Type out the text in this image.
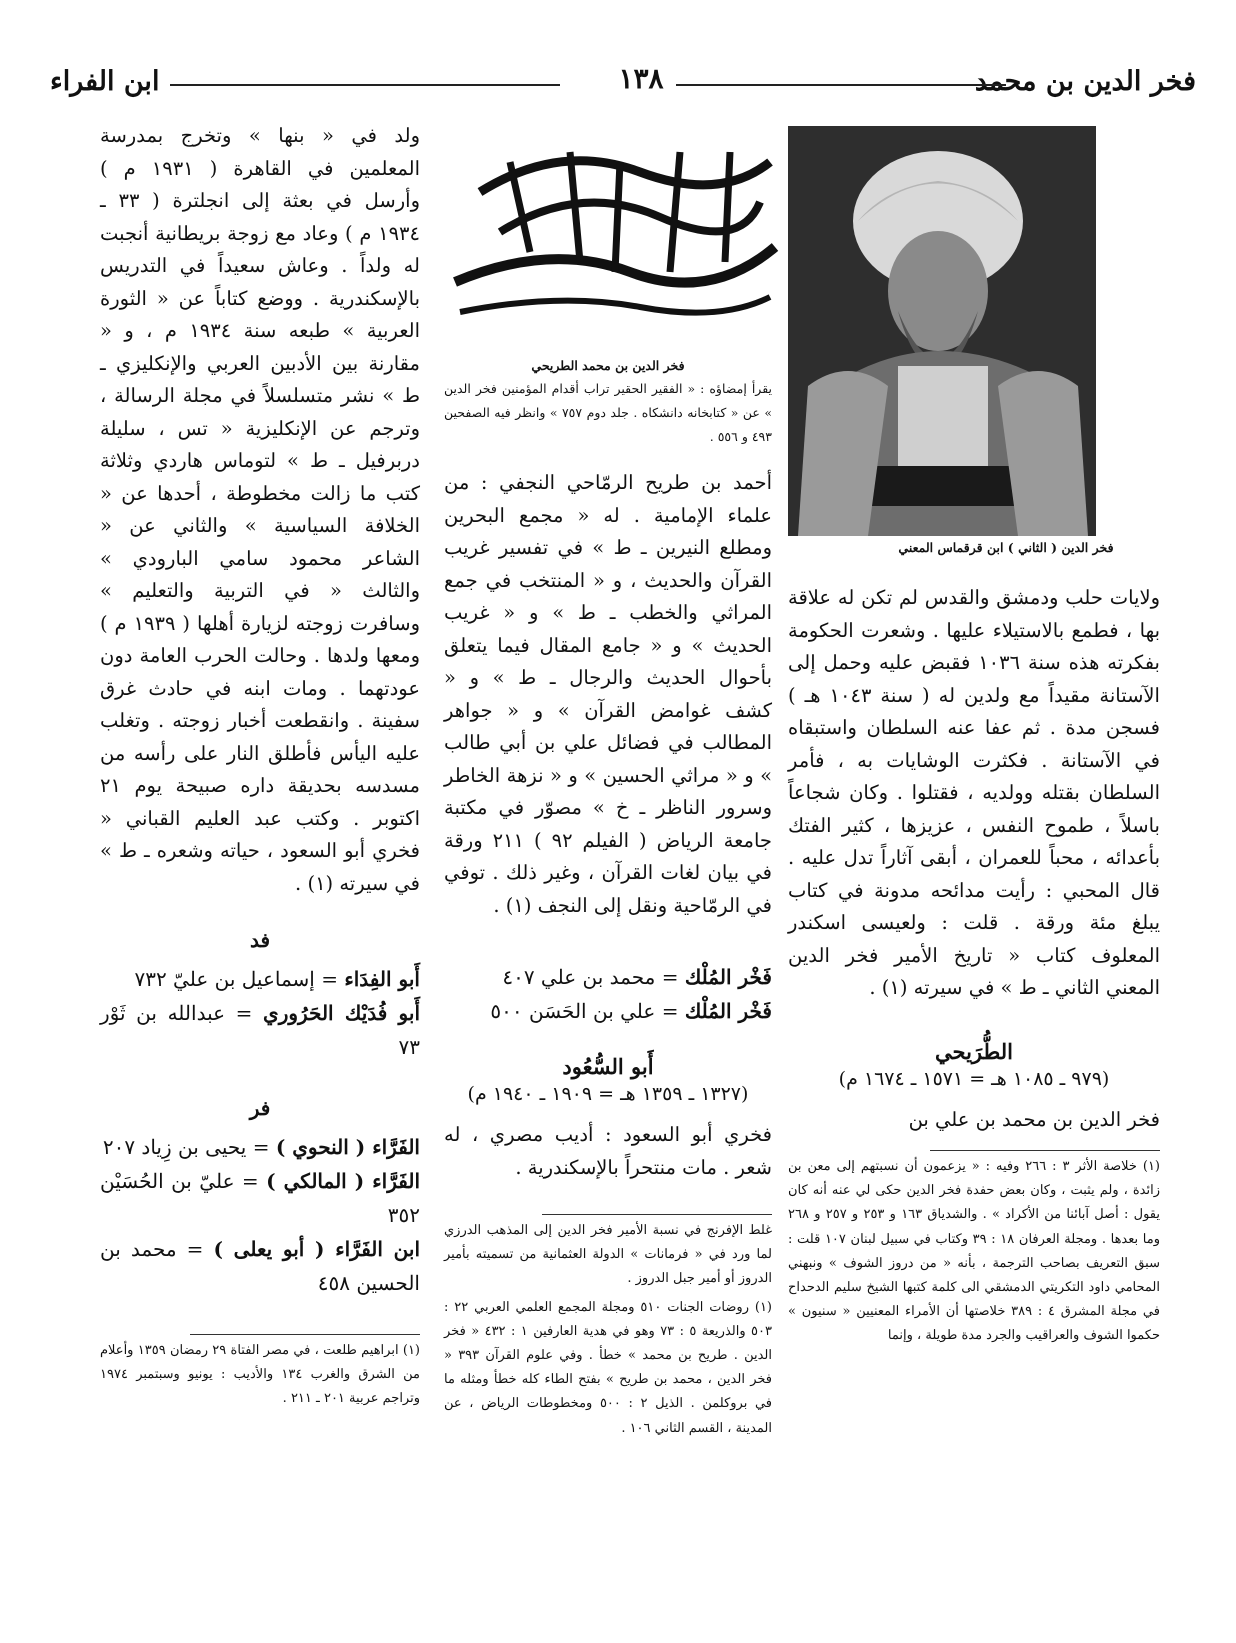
فخر الدين بن محمد
١٣٨
ابن الفراء

فخر الدين ( الثاني ) ابن قرقماس المعني

فخر الدين بن محمد الطريحي

يقرأ إمضاؤه : « الفقير الحقير تراب أقدام المؤمنين فخر الدين » عن « كتابخانه دانشكاه . جلد دوم ٧٥٧ » وانظر فيه الصفحين ٤٩٣ و ٥٥٦ .

أحمد بن طريح الرمّاحي النجفي : من علماء الإمامية . له « مجمع البحرين ومطلع النيرين ـ ط » في تفسير غريب القرآن والحديث ، و « المنتخب في جمع المراثي والخطب ـ ط » و « غريب الحديث » و « جامع المقال فيما يتعلق بأحوال الحديث والرجال ـ ط » و « كشف غوامض القرآن » و « جواهر المطالب في فضائل علي بن أبي طالب » و « مراثي الحسين » و « نزهة الخاطر وسرور الناظر ـ خ » مصوّر في مكتبة جامعة الرياض ( الفيلم ٩٢ ) ٢١١ ورقة في بيان لغات القرآن ، وغير ذلك . توفي في الرمّاحية ونقل إلى النجف (١) .

فَخْر المُلْك = محمد بن علي ٤٠٧

فَخْر المُلْك = علي بن الحَسَن ٥٠٠

أَبو السُّعُود

(١٣٢٧ ـ ١٣٥٩ هـ = ١٩٠٩ ـ ١٩٤٠ م)

فخري أبو السعود : أديب مصري ، له شعر . مات منتحراً بالإسكندرية .

غلط الإفرنج في نسبة الأمير فخر الدين إلى المذهب الدرزي لما ورد في « فرمانات » الدولة العثمانية من تسميته بأمير الدروز أو أمير جبل الدروز .

(١) روضات الجنات ٥١٠ ومجلة المجمع العلمي العربي ٢٢ : ٥٠٣ والذريعة ٥ : ٧٣ وهو في هدية العارفين ١ : ٤٣٢ « فخر الدين . طريح بن محمد » خطأ . وفي علوم القرآن ٣٩٣ « فخر الدين ، محمد بن طريح » بفتح الطاء كله خطأ ومثله ما في بروكلمن . الذيل ٢ : ٥٠٠ ومخطوطات الرياض ، عن المدينة ، القسم الثاني ١٠٦ .

ولايات حلب ودمشق والقدس لم تكن له علاقة بها ، فطمع بالاستيلاء عليها . وشعرت الحكومة بفكرته هذه سنة ١٠٣٦ فقبض عليه وحمل إلى الآستانة مقيداً مع ولدين له ( سنة ١٠٤٣ هـ ) فسجن مدة . ثم عفا عنه السلطان واستبقاه في الآستانة . فكثرت الوشايات به ، فأمر السلطان بقتله وولديه ، فقتلوا . وكان شجاعاً باسلاً ، طموح النفس ، عزيزها ، كثير الفتك بأعدائه ، محباً للعمران ، أبقى آثاراً تدل عليه . قال المحبي : رأيت مدائحه مدونة في كتاب يبلغ مئة ورقة . قلت : ولعيسى اسكندر المعلوف كتاب « تاريخ الأمير فخر الدين المعني الثاني ـ ط » في سيرته (١) .

الطُّرَيحي

(٩٧٩ ـ ١٠٨٥ هـ = ١٥٧١ ـ ١٦٧٤ م)

فخر الدين بن محمد بن علي بن

(١) خلاصة الأثر ٣ : ٢٦٦ وفيه : « يزعمون أن نسبتهم إلى معن بن زائدة ، ولم يثبت ، وكان بعض حفدة فخر الدين حكى لي عنه أنه كان يقول : أصل آبائنا من الأكراد » . والشدياق ١٦٣ و ٢٥٣ و ٢٥٧ و ٢٦٨ وما بعدها . ومجلة العرفان ١٨ : ٣٩ وكتاب في سبيل لبنان ١٠٧ قلت : سبق التعريف بصاحب الترجمة ، بأنه « من دروز الشوف » ونبهني المحامي داود التكريتي الدمشقي الى كلمة كتبها الشيخ سليم الدحداح في مجلة المشرق ٤ : ٣٨٩ خلاصتها أن الأمراء المعنيين « سنيون » حكموا الشوف والعراقيب والجرد مدة طويلة ، وإنما

ولد في « بنها » وتخرج بمدرسة المعلمين في القاهرة ( ١٩٣١ م ) وأرسل في بعثة إلى انجلترة ( ٣٣ ـ ١٩٣٤ م ) وعاد مع زوجة بريطانية أنجبت له ولداً . وعاش سعيداً في التدريس بالإسكندرية . ووضع كتاباً عن « الثورة العربية » طبعه سنة ١٩٣٤ م ، و « مقارنة بين الأدبين العربي والإنكليزي ـ ط » نشر متسلسلاً في مجلة الرسالة ، وترجم عن الإنكليزية « تس ، سليلة دربرفيل ـ ط » لتوماس هاردي وثلاثة كتب ما زالت مخطوطة ، أحدها عن « الخلافة السياسية » والثاني عن « الشاعر محمود سامي البارودي » والثالث « في التربية والتعليم » وسافرت زوجته لزيارة أهلها ( ١٩٣٩ م ) ومعها ولدها . وحالت الحرب العامة دون عودتهما . ومات ابنه في حادث غرق سفينة . وانقطعت أخبار زوجته . وتغلب عليه اليأس فأطلق النار على رأسه من مسدسه بحديقة داره صبيحة يوم ٢١ اكتوبر . وكتب عبد العليم القباني « فخري أبو السعود ، حياته وشعره ـ ط » في سيرته (١) .

فد

أَبو الفِدَاء = إسماعيل بن عليّ ٧٣٢

أَبو فُدَيْك الحَرُوري = عبدالله بن ثَوْر ٧٣

فر

الفَرَّاء ( النحوي ) = يحيى بن زِياد ٢٠٧

الفَرَّاء ( المالكي ) = عليّ بن الحُسَيْن ٣٥٢

ابن الفَرَّاء ( أبو يعلى ) = محمد بن الحسين ٤٥٨

(١) ابراهيم طلعت ، في مصر الفتاة ٢٩ رمضان ١٣٥٩ وأعلام من الشرق والغرب ١٣٤ والأديب : يونيو وسبتمبر ١٩٧٤ وتراجم عربية ٢٠١ ـ ٢١١ .
